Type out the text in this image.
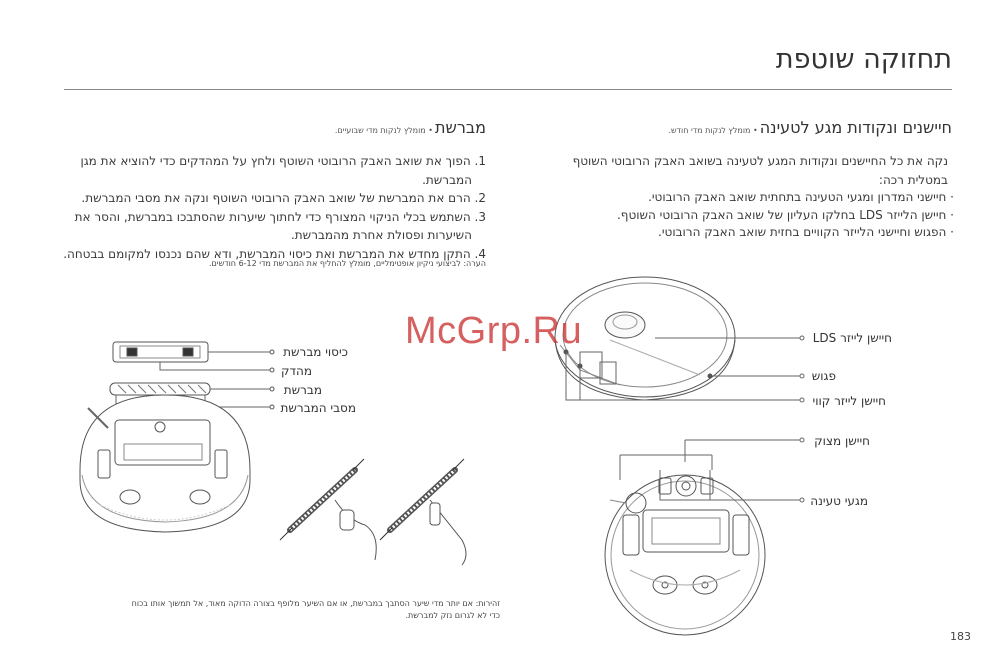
תחזוקה שוטפת
חיישנים ונקודות מגע לטעינה• מומלץ לנקות מדי חודש.
נקה את כל החיישנים ונקודות המגע לטעינה בשואב האבק הרובוטי השוטף
במטלית רכה:
· חיישני המדרון ומגעי הטעינה בתחתית שואב האבק הרובוטי.
· חיישן הלייזר LDS בחלקו העליון של שואב האבק הרובוטי השוטף.
· הפגוש וחיישני הלייזר הקוויים בחזית שואב האבק הרובוטי.
מברשת• מומלץ לנקות מדי שבועיים.
1. הפוך את שואב האבק הרובוטי השוטף ולחץ על המהדקים כדי להוציא את מגן
המברשת.
2. הרם את המברשת של שואב האבק הרובוטי השוטף ונקה את מסבי המברשת.
3. השתמש בכלי הניקוי המצורף כדי לחתוך שיערות שהסתבכו במברשת, והסר את
השיערות ופסולת אחרת מהמברשת.
4. התקן מחדש את המברשת ואת כיסוי המברשת, ודא שהם נכנסו למקומם בבטחה.
הערה: לביצועי ניקיון אופטימליים, מומלץ להחליף את המברשת מדי 6-12 חודשים.
חיישן לייזר LDS
פגוש
חיישן לייזר קווי
חיישן מצוק
מגעי טעינה
כיסוי מברשת
מהדק
מברשת
מסבי המברשת
זהירות: אם יותר מדי שיער הסתבך במברשת, או אם השיער מלופף בצורה הדוקה מאוד, אל תמשוך אותו בכוח
כדי לא לגרום נזק למברשת.
McGrp.Ru
183
